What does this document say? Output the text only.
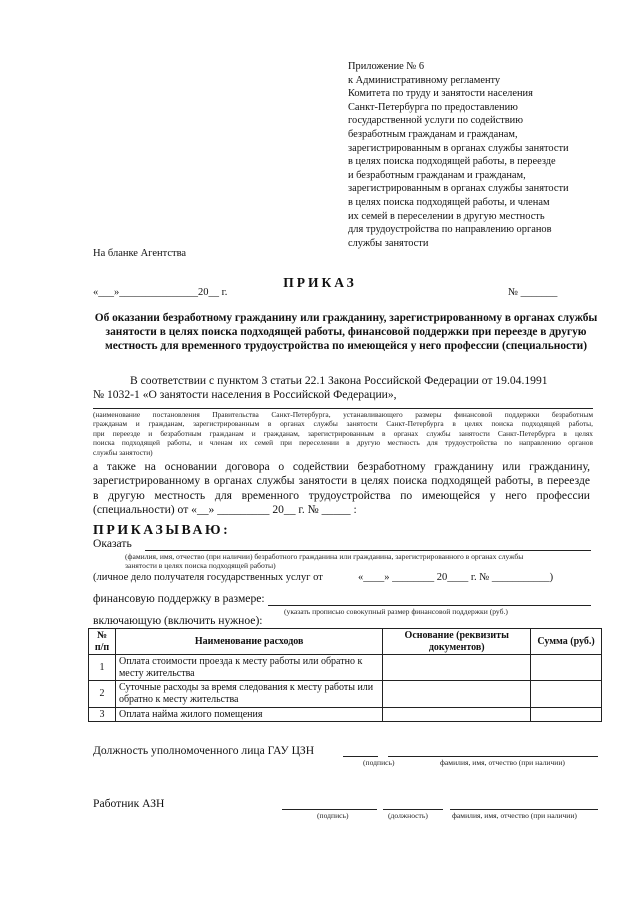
Приложение № 6
к Административному регламенту
Комитета по труду и занятости населения
Санкт-Петербурга по предоставлению
государственной услуги по содействию
безработным гражданам и гражданам,
зарегистрированным в органах службы занятости
в целях поиска подходящей работы, в переезде
и безработным гражданам и гражданам,
зарегистрированным в органах службы занятости
в целях поиска подходящей работы, и членам
их семей в переселении в другую местность
для трудоустройства по направлению органов
службы занятости
На бланке Агентства
ПРИКАЗ
«___»_______________20__ г.	№ _______
Об оказании безработному гражданину или гражданину, зарегистрированному в органах службы занятости в целях поиска подходящей работы, финансовой поддержки при переезде в другую местность для временного трудоустройства по имеющейся у него профессии (специальности)
В соответствии с пунктом 3 статьи 22.1 Закона Российской Федерации от 19.04.1991
№ 1032-1 «О занятости населения в Российской Федерации»,
(наименование постановления Правительства Санкт-Петербурга, устанавливающего размеры финансовой поддержки безработным
гражданам и гражданам, зарегистрированным в органах службы занятости Санкт-Петербурга в целях поиска подходящей работы,
при переезде и безработным гражданам и гражданам, зарегистрированным в органах службы занятости Санкт-Петербурга в целях
поиска подходящей работы, и членам их семей при переселении в другую местность для трудоустройства по направлению органов
службы занятости)
а также на основании договора о содействии безработному гражданину или гражданину,
зарегистрированному в органах службы занятости в целях поиска подходящей работы, в переезде
в другую местность для временного трудоустройства по имеющейся у него профессии
(специальности) от «__» _________ 20__ г. № _____ :
ПРИКАЗЫВАЮ:
Оказать
(фамилия, имя, отчество (при наличии) безработного гражданина или гражданина, зарегистрированного в органах службы
занятости в целях поиска подходящей работы)
(личное дело получателя государственных услуг от	«____» ________ 20____ г. № ___________)
финансовую поддержку в размере:
(указать прописью совокупный размер финансовой поддержки (руб.)
включающую (включить нужное):
№ п/п	Наименование расходов	Основание (реквизиты документов)	Сумма (руб.)
1	Оплата стоимости проезда к месту работы или обратно к месту жительства		
2	Суточные расходы за время следования к месту работы или обратно к месту жительства		
3	Оплата найма жилого помещения		
Должность уполномоченного лица ГАУ ЦЗН
(подпись)	фамилия, имя, отчество (при наличии)
Работник АЗН
(подпись)	(должность)	фамилия, имя, отчество (при наличии)
